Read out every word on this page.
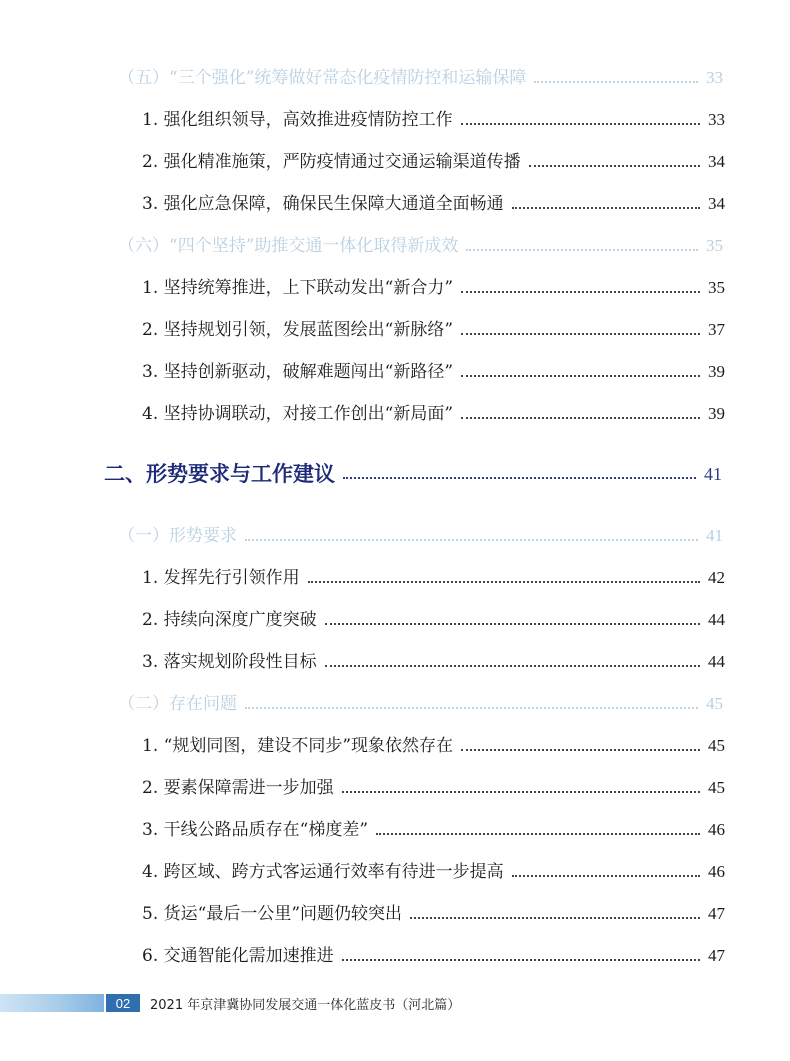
（五）“三个强化”统筹做好常态化疫情防控和运输保障	33
1. 强化组织领导，高效推进疫情防控工作	33
2. 强化精准施策，严防疫情通过交通运输渠道传播	34
3. 强化应急保障，确保民生保障大通道全面畅通	34
（六）“四个坚持”助推交通一体化取得新成效	35
1. 坚持统筹推进，上下联动发出“新合力”	35
2. 坚持规划引领，发展蓝图绘出“新脉络”	37
3. 坚持创新驱动，破解难题闯出“新路径”	39
4. 坚持协调联动，对接工作创出“新局面”	39
二、形势要求与工作建议	41
（一）形势要求	41
1. 发挥先行引领作用	42
2. 持续向深度广度突破	44
3. 落实规划阶段性目标	44
（二）存在问题	45
1. “规划同图，建设不同步”现象依然存在	45
2. 要素保障需进一步加强	45
3. 干线公路品质存在“梯度差”	46
4. 跨区域、跨方式客运通行效率有待进一步提高	46
5. 货运“最后一公里”问题仍较突出	47
6. 交通智能化需加速推进	47
02	2021 年京津冀协同发展交通一体化蓝皮书（河北篇）
